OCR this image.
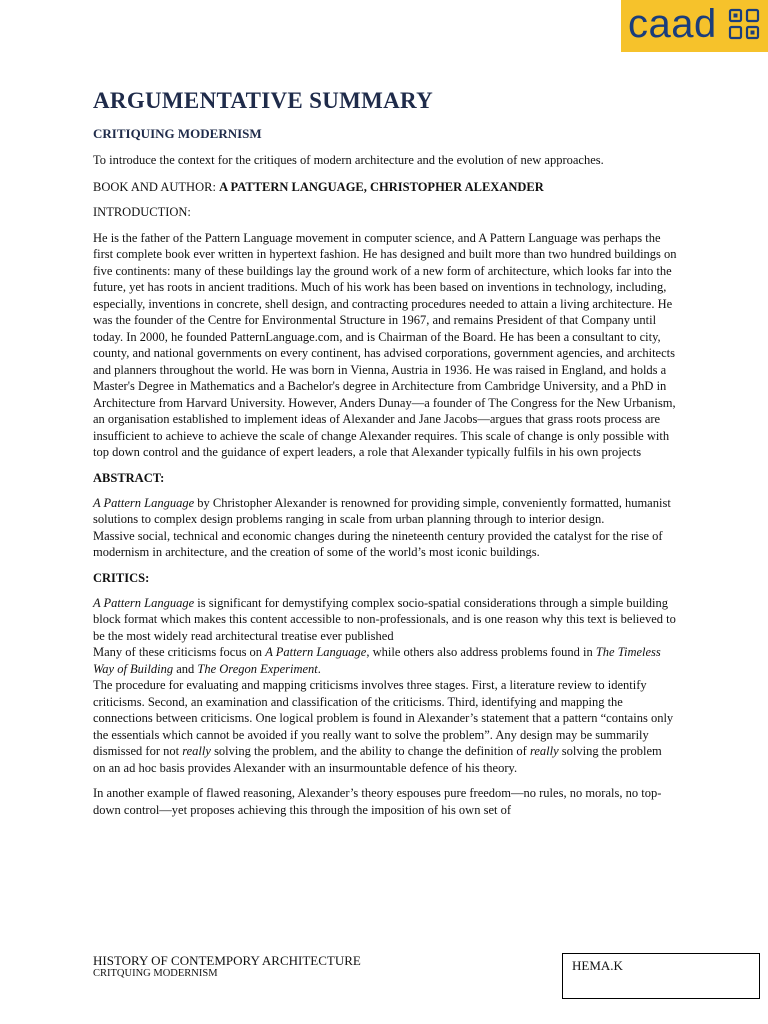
caad
ARGUMENTATIVE SUMMARY
CRITIQUING MODERNISM

To introduce the context for the critiques of modern architecture and the evolution of new approaches.

BOOK AND AUTHOR: A PATTERN LANGUAGE, CHRISTOPHER ALEXANDER

INTRODUCTION:

He is the father of the Pattern Language movement in computer science, and A Pattern Language was perhaps the first complete book ever written in hypertext fashion. He has designed and built more than two hundred buildings on five continents: many of these buildings lay the ground work of a new form of architecture, which looks far into the future, yet has roots in ancient traditions. Much of his work has been based on inventions in technology, including, especially, inventions in concrete, shell design, and contracting procedures needed to attain a living architecture. He was the founder of the Centre for Environmental Structure in 1967, and remains President of that Company until today. In 2000, he founded PatternLanguage.com, and is Chairman of the Board. He has been a consultant to city, county, and national governments on every continent, has advised corporations, government agencies, and architects and planners throughout the world. He was born in Vienna, Austria in 1936. He was raised in England, and holds a Master's Degree in Mathematics and a Bachelor's degree in Architecture from Cambridge University, and a PhD in Architecture from Harvard University. However, Anders Dunay—a founder of The Congress for the New Urbanism, an organisation established to implement ideas of Alexander and Jane Jacobs—argues that grass roots process are insufficient to achieve to achieve the scale of change Alexander requires. This scale of change is only possible with top down control and the guidance of expert leaders, a role that Alexander typically fulfils in his own projects

ABSTRACT:

A Pattern Language by Christopher Alexander is renowned for providing simple, conveniently formatted, humanist solutions to complex design problems ranging in scale from urban planning through to interior design.

Massive social, technical and economic changes during the nineteenth century provided the catalyst for the rise of modernism in architecture, and the creation of some of the world’s most iconic buildings.

CRITICS:

A Pattern Language is significant for demystifying complex socio-spatial considerations through a simple building block format which makes this content accessible to non-professionals, and is one reason why this text is believed to be the most widely read architectural treatise ever published

Many of these criticisms focus on A Pattern Language, while others also address problems found in The Timeless Way of Building and The Oregon Experiment.

The procedure for evaluating and mapping criticisms involves three stages. First, a literature review to identify criticisms. Second, an examination and classification of the criticisms. Third, identifying and mapping the connections between criticisms. One logical problem is found in Alexander’s statement that a pattern “contains only the essentials which cannot be avoided if you really want to solve the problem”. Any design may be summarily dismissed for not really solving the problem, and the ability to change the definition of really solving the problem on an ad hoc basis provides Alexander with an insurmountable defence of his theory.

In another example of flawed reasoning, Alexander’s theory espouses pure freedom—no rules, no morals, no top-down control—yet proposes achieving this through the imposition of his own set of

HISTORY OF CONTEMPORY ARCHITECTURE
CRITQUING MODERNISM
HEMA.K
